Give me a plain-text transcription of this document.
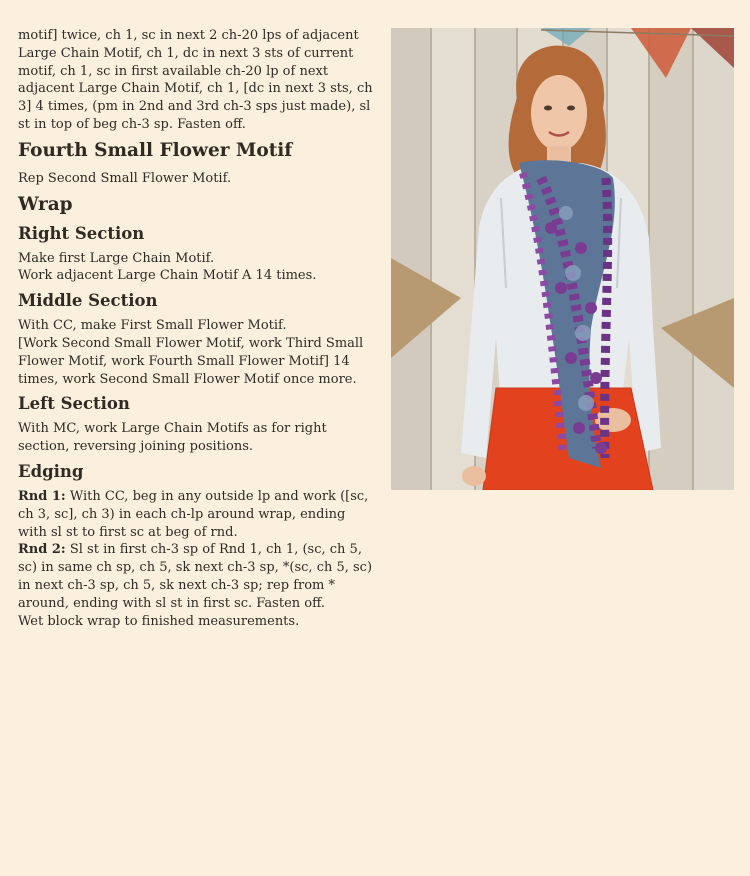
motif] twice, ch 1, sc in next 2 ch-20 lps of adjacent Large Chain Motif, ch 1, dc in next 3 sts of current motif, ch 1, sc in first available ch-20 lp of next adjacent Large Chain Motif, ch 1, [dc in next 3 sts, ch 3] 4 times, (pm in 2nd and 3rd ch-3 sps just made), sl st in top of beg ch-3 sp. Fasten off.

Fourth Small Flower Motif

Rep Second Small Flower Motif.

Wrap
Right Section

Make first Large Chain Motif.

Work adjacent Large Chain Motif A 14 times.

Middle Section

With CC, make First Small Flower Motif.

[Work Second Small Flower Motif, work Third Small Flower Motif, work Fourth Small Flower Motif] 14 times, work Second Small Flower Motif once more.

Left Section

With MC, work Large Chain Motifs as for right section, reversing joining positions.

Edging

Rnd 1: With CC, beg in any outside lp and work ([sc, ch 3, sc], ch 3) in each ch-lp around wrap, ending with sl st to first sc at beg of rnd.

Rnd 2: Sl st in first ch-3 sp of Rnd 1, ch 1, (sc, ch 5, sc) in same ch sp, ch 5, sk next ch-3 sp, *(sc, ch 5, sc) in next ch-3 sp, ch 5, sk next ch-3 sp; rep from * around, ending with sl st in first sc. Fasten off.

Wet block wrap to finished measurements.
